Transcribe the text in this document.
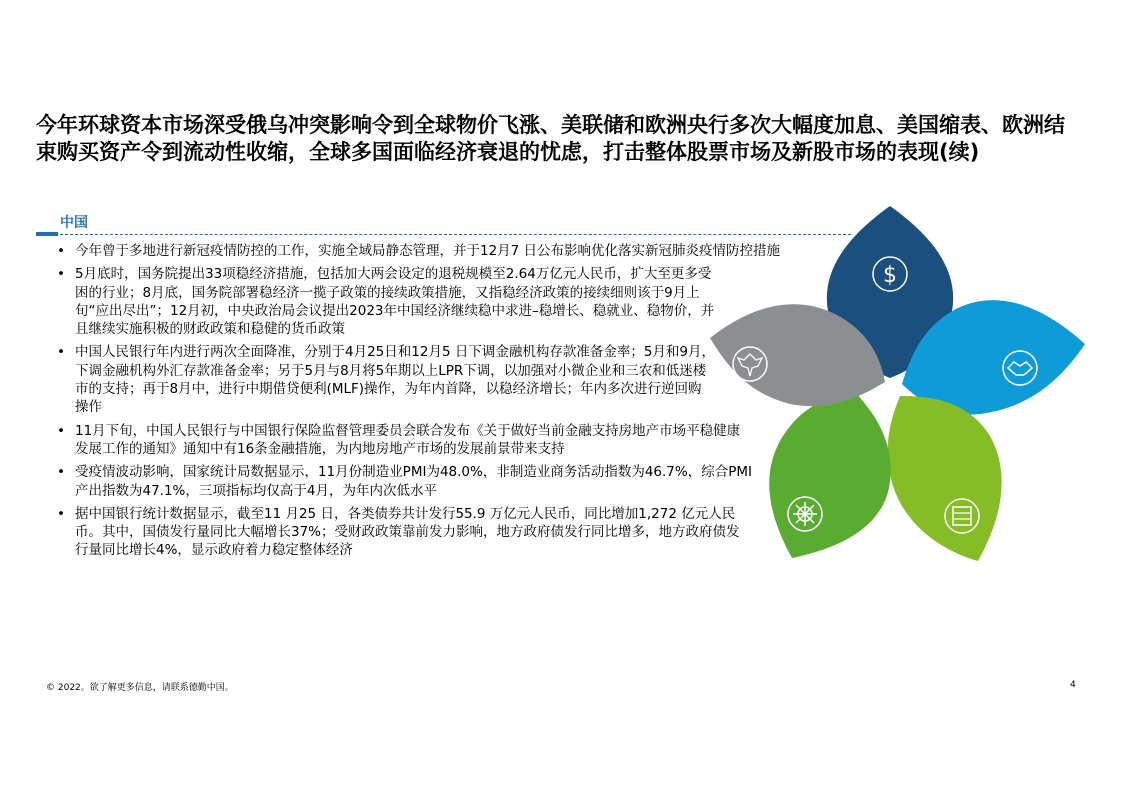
今年环球资本市场深受俄乌冲突影响令到全球物价飞涨、美联储和欧洲央行多次大幅度加息、美国缩表、欧洲结束购买资产令到流动性收缩，全球多国面临经济衰退的忧虑，打击整体股票市场及新股市场的表现(续)
中国
• 今年曾于多地进行新冠疫情防控的工作，实施全域局静态管理，并于12月7 日公布影响优化落实新冠肺炎疫情防控措施
• 5月底时，国务院提出33项稳经济措施，包括加大两会设定的退税规模至2.64万亿元人民币，扩大至更多受困的行业；8月底，国务院部署稳经济一揽子政策的接续政策措施，又指稳经济政策的接续细则该于9月上旬“应出尽出”；12月初，中央政治局会议提出2023年中国经济继续稳中求进–稳增长、稳就业、稳物价，并且继续实施积极的财政政策和稳健的货币政策
• 中国人民银行年内进行两次全面降准，分别于4月25日和12月5 日下调金融机构存款准备金率；5月和9月，下调金融机构外汇存款准备金率；另于5月与8月将5年期以上LPR下调，以加强对小微企业和三农和低迷楼市的支持；再于8月中，进行中期借贷便利(MLF)操作，为年内首降，以稳经济增长；年内多次进行逆回购操作
• 11月下旬，中国人民银行与中国银行保险监督管理委员会联合发布《关于做好当前金融支持房地产市场平稳健康发展工作的通知》通知中有16条金融措施，为内地房地产市场的发展前景带来支持
• 受疫情波动影响，国家统计局数据显示，11月份制造业PMI为48.0%，非制造业商务活动指数为46.7%，综合PMI产出指数为47.1%，三项指标均仅高于4月，为年内次低水平
• 据中国银行统计数据显示，截至11 月25 日，各类债券共计发行55.9 万亿元人民币，同比增加1,272 亿元人民币。其中，国债发行量同比大幅增长37%；受财政政策靠前发力影响，地方政府债发行同比增多，地方政府债发行量同比增长4%，显示政府着力稳定整体经济
$
© 2022。欲了解更多信息，请联系德勤中国。	4
